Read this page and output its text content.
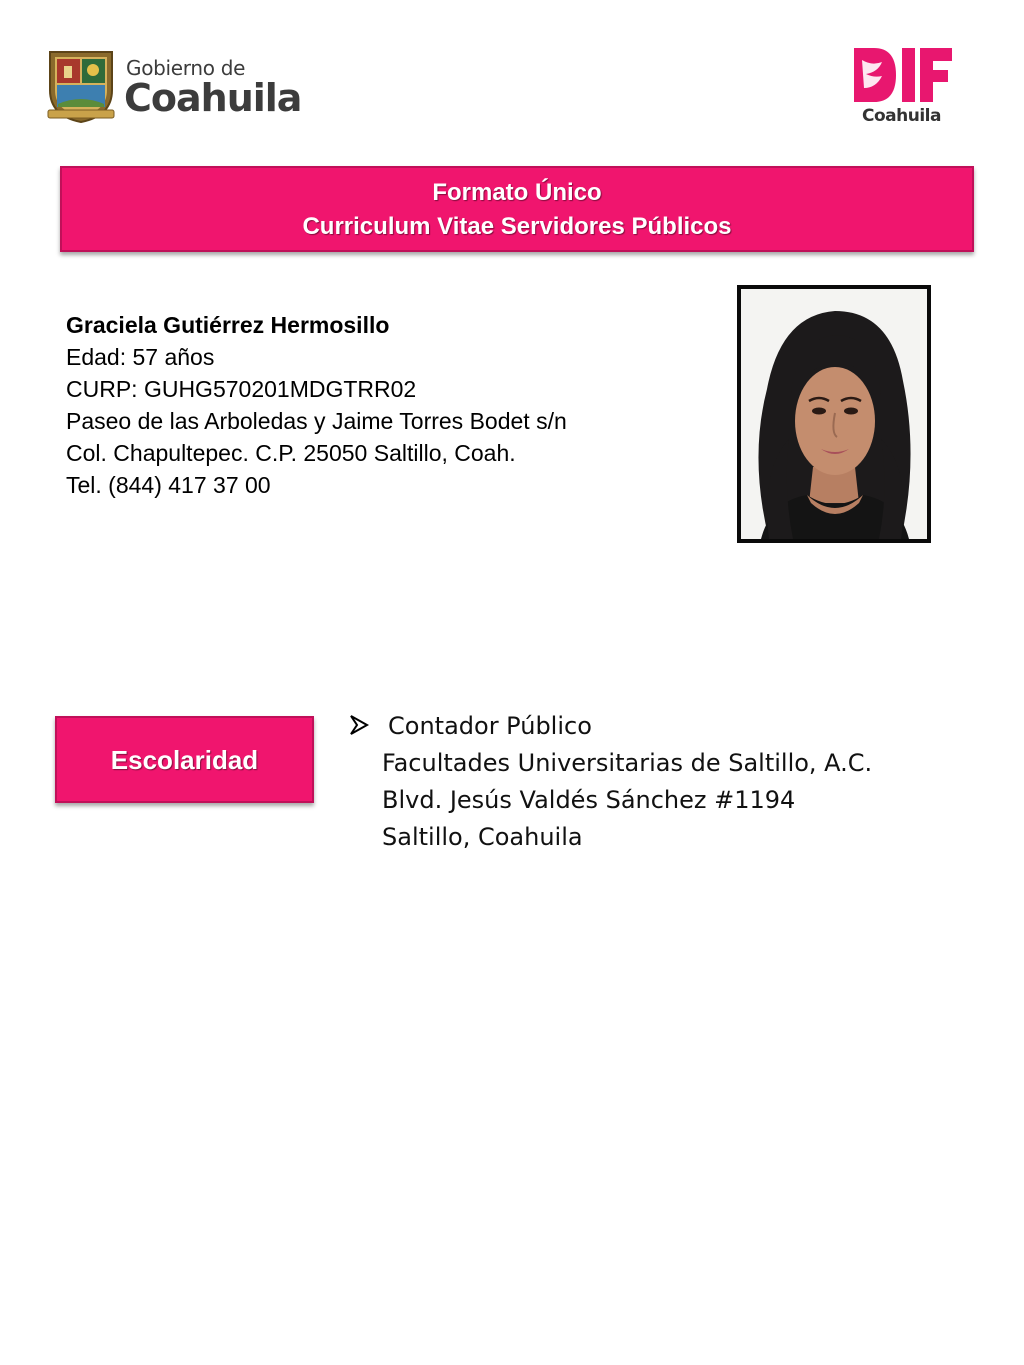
Gobierno de
Coahuila	Coahuila
Formato Único
Curriculum Vitae Servidores Públicos
Graciela Gutiérrez Hermosillo
Edad: 57 años
CURP: GUHG570201MDGTRR02
Paseo de las Arboledas y Jaime Torres Bodet s/n
Col. Chapultepec. C.P. 25050 Saltillo, Coah.
Tel. (844) 417 37 00
Escolaridad
Contador Público
Facultades Universitarias de Saltillo, A.C.
Blvd. Jesús Valdés Sánchez #1194
Saltillo, Coahuila
